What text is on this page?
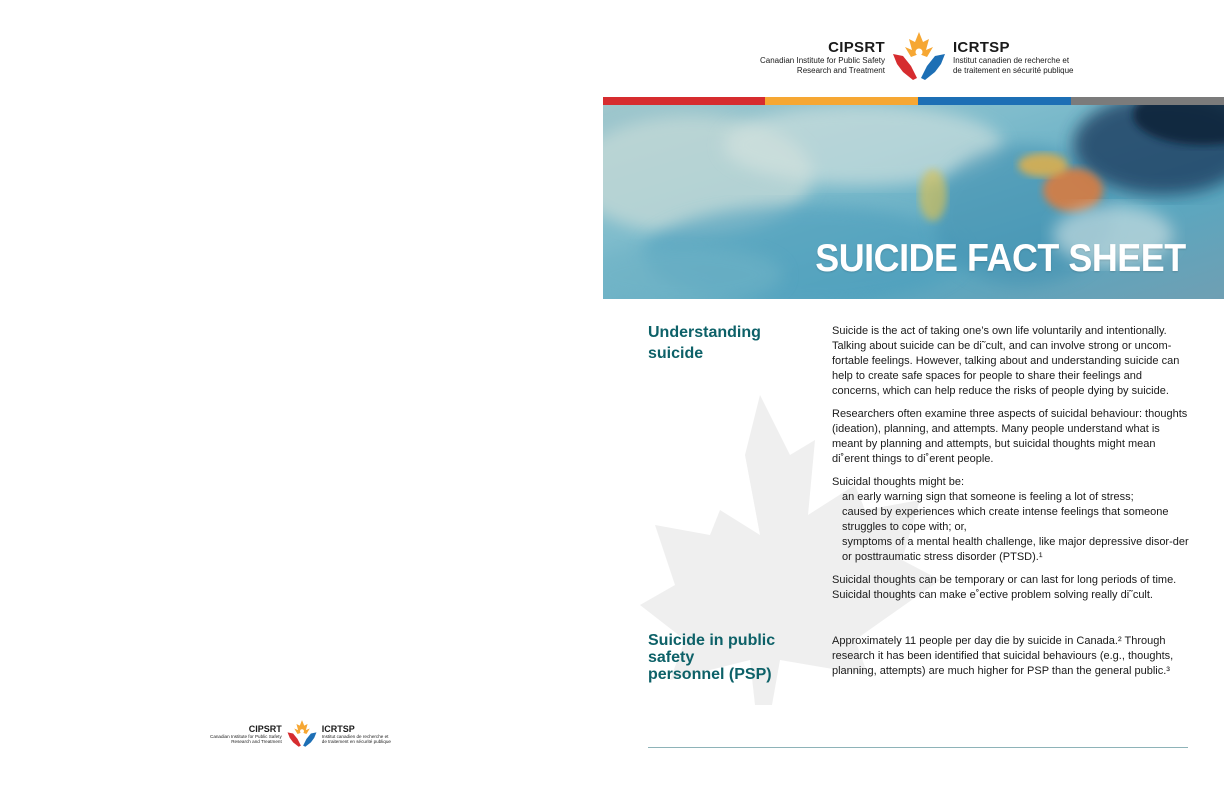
CIPSRT
Canadian Institute for Public Safety
Research and Treatment
ICRTSP
Institut canadien de recherche et
de traitement en sécurité publique
SUICIDE FACT SHEET
Understanding
suicide

Suicide is the act of taking one’s own life voluntarily and intentionally. Talking about suicide can be di˜cult, and can involve strong or uncom-fortable feelings. However, talking about and understanding suicide can help to create safe spaces for people to share their feelings and concerns, which can help reduce the risks of people dying by suicide.

Researchers often examine three aspects of suicidal behaviour: thoughts (ideation), planning, and attempts. Many people understand what is meant by planning and attempts, but suicidal thoughts might mean di˚erent things to di˚erent people.

Suicidal thoughts might be:

an early warning sign that someone is feeling a lot of stress;
caused by experiences which create intense feelings that someone struggles to cope with; or,
symptoms of a mental health challenge, like major depressive disor-der or posttraumatic stress disorder (PTSD).¹

Suicidal thoughts can be temporary or can last for long periods of time. Suicidal thoughts can make e˚ective problem solving really di˜cult.

Suicide in public safety
personnel (PSP)

Approximately 11 people per day die by suicide in Canada.² Through research it has been identified that suicidal behaviours (e.g., thoughts, planning, attempts) are much higher for PSP than the general public.³

CIPSRT
Canadian Institute for Public Safety
Research and Treatment
ICRTSP
Institut canadien de recherche et
de traitement en sécurité publique
